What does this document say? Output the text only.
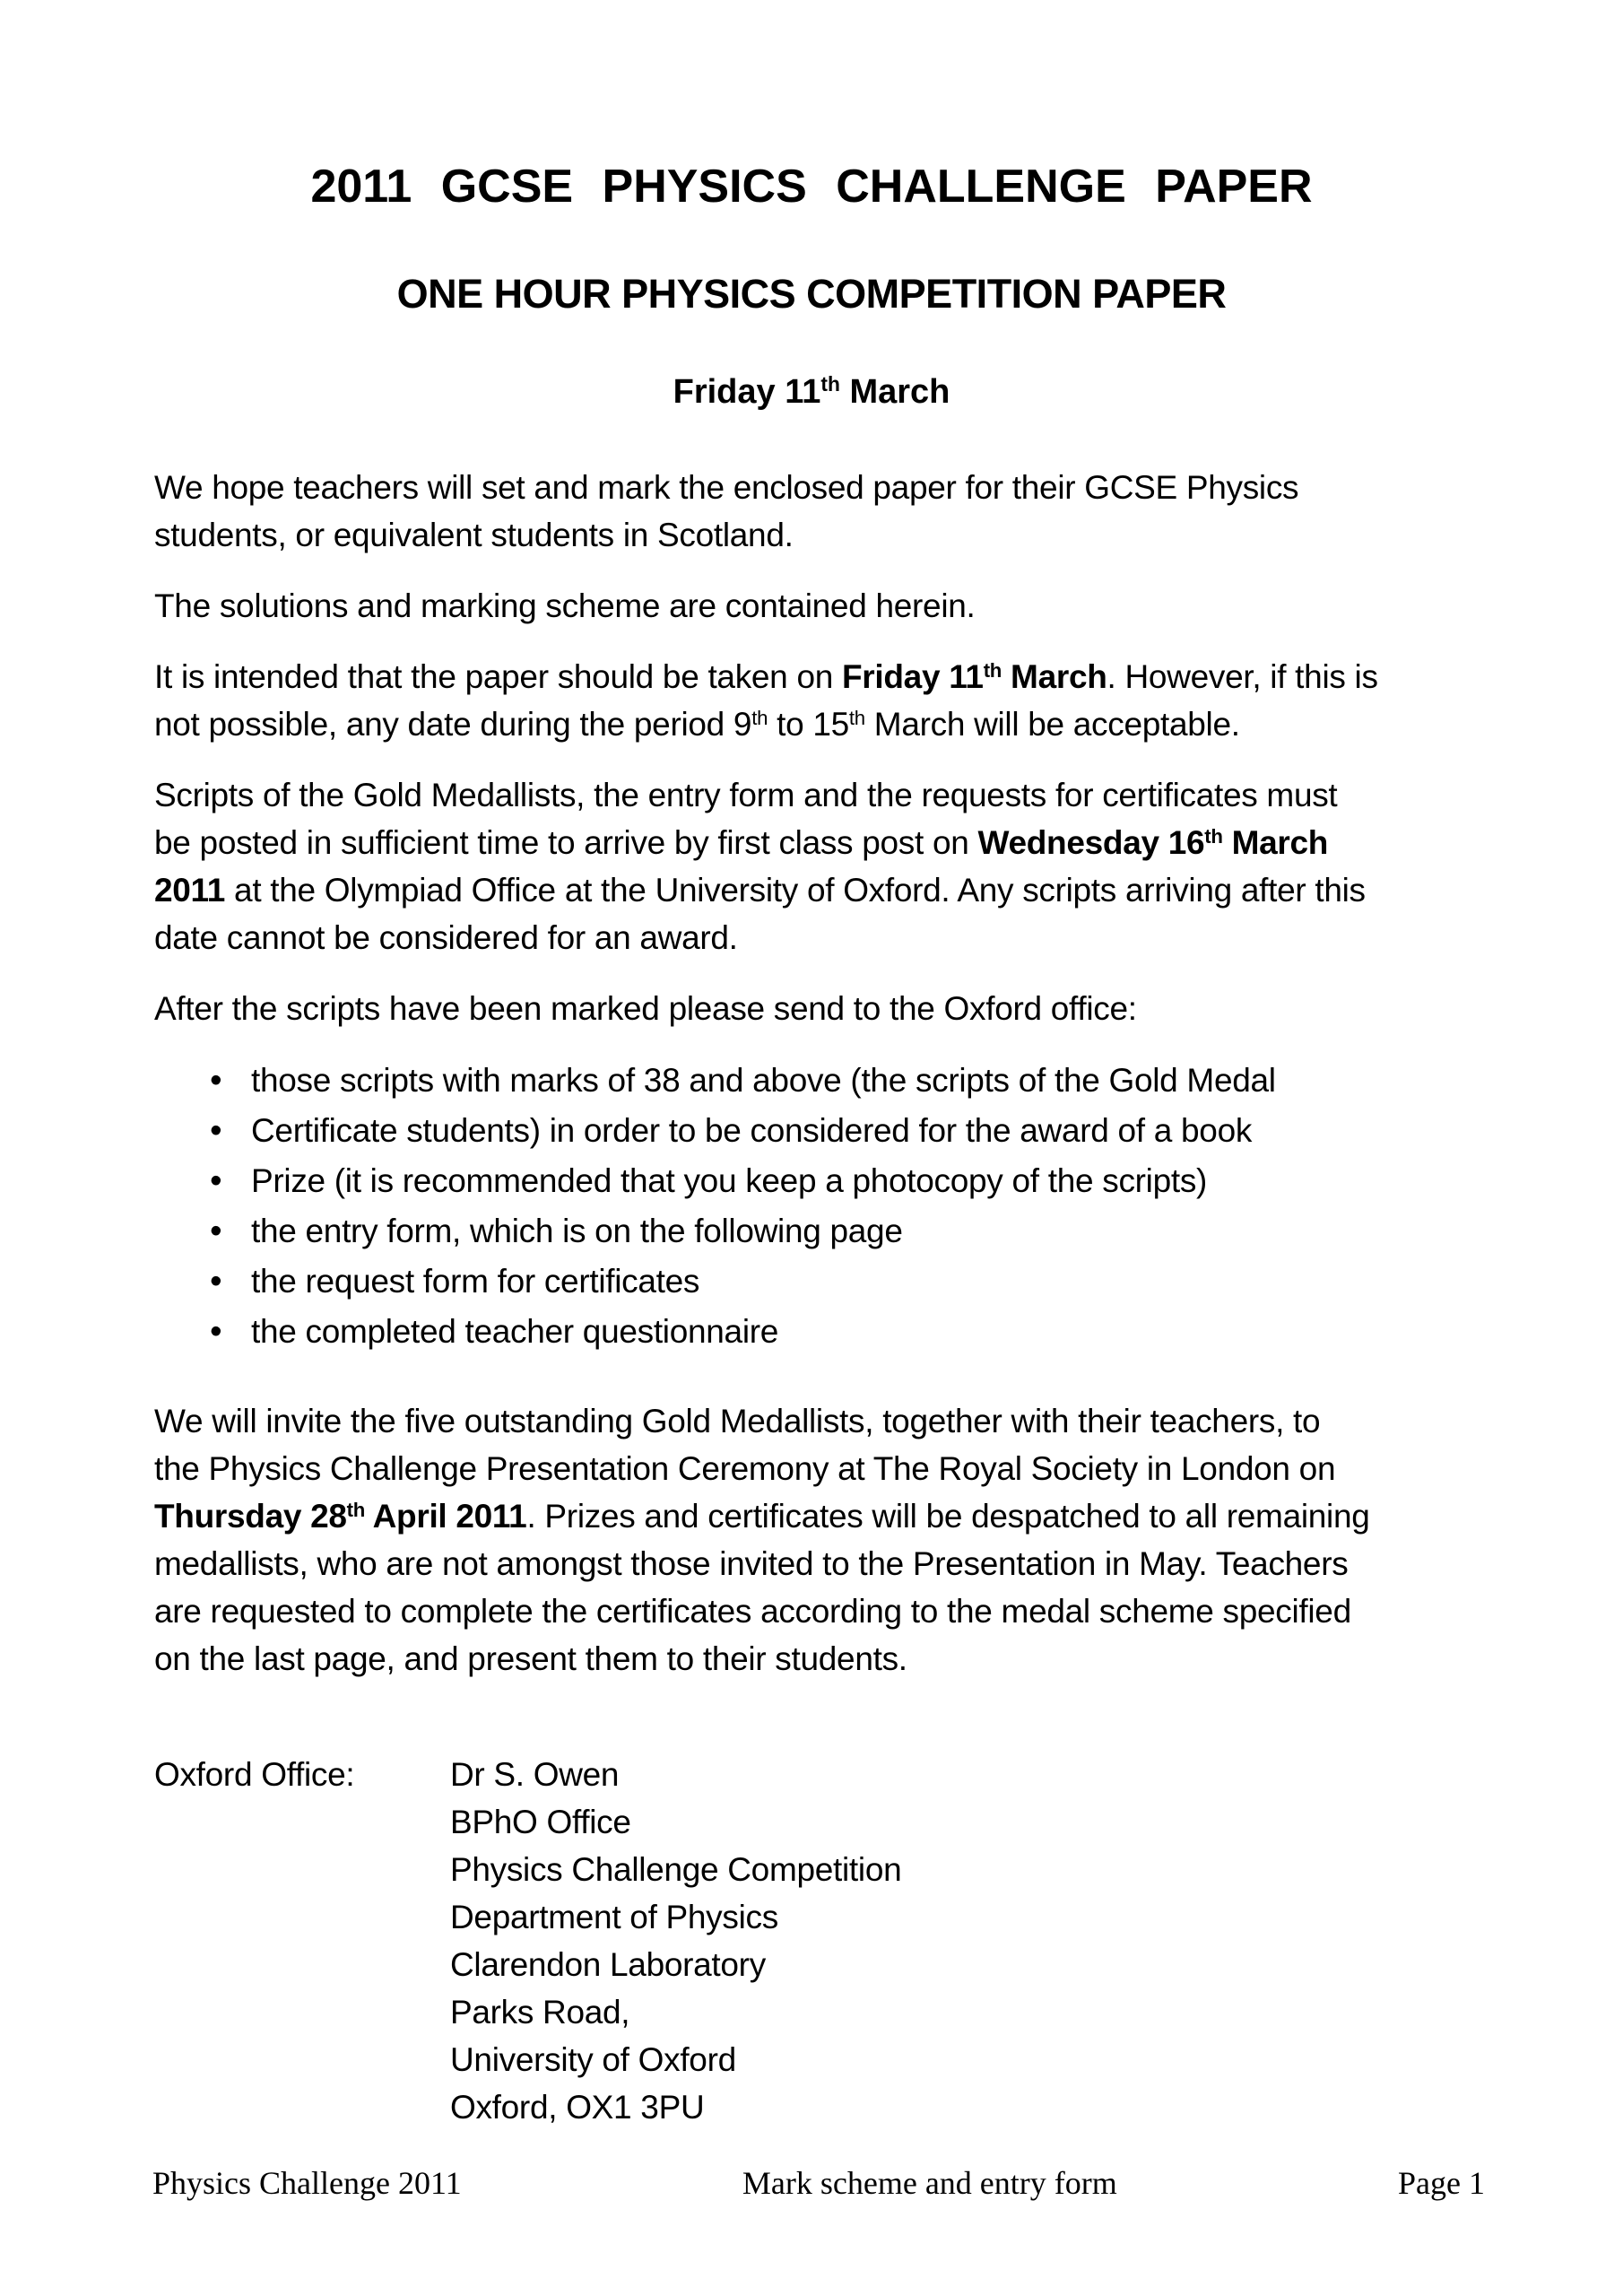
2011 GCSE PHYSICS CHALLENGE PAPER
ONE HOUR PHYSICS COMPETITION PAPER
Friday 11th March
We hope teachers will set and mark the enclosed paper for their GCSE Physics
students, or equivalent students in Scotland.
The solutions and marking scheme are contained herein.
It is intended that the paper should be taken on Friday 11th March. However, if this is
not possible, any date during the period 9th to 15th March will be acceptable.
Scripts of the Gold Medallists, the entry form and the requests for certificates must
be posted in sufficient time to arrive by first class post on Wednesday 16th March
2011 at the Olympiad Office at the University of Oxford. Any scripts arriving after this
date cannot be considered for an award.
After the scripts have been marked please send to the Oxford office:
• those scripts with marks of 38 and above (the scripts of the Gold Medal
• Certificate students) in order to be considered for the award of a book
• Prize (it is recommended that you keep a photocopy of the scripts)
• the entry form, which is on the following page
• the request form for certificates
• the completed teacher questionnaire
We will invite the five outstanding Gold Medallists, together with their teachers, to
the Physics Challenge Presentation Ceremony at The Royal Society in London on
Thursday 28th April 2011. Prizes and certificates will be despatched to all remaining
medallists, who are not amongst those invited to the Presentation in May. Teachers
are requested to complete the certificates according to the medal scheme specified
on the last page, and present them to their students.
Oxford Office:	Dr S. Owen
BPhO Office
Physics Challenge Competition
Department of Physics
Clarendon Laboratory
Parks Road,
University of Oxford
Oxford, OX1 3PU
Physics Challenge 2011	Mark scheme and entry form	Page 1
